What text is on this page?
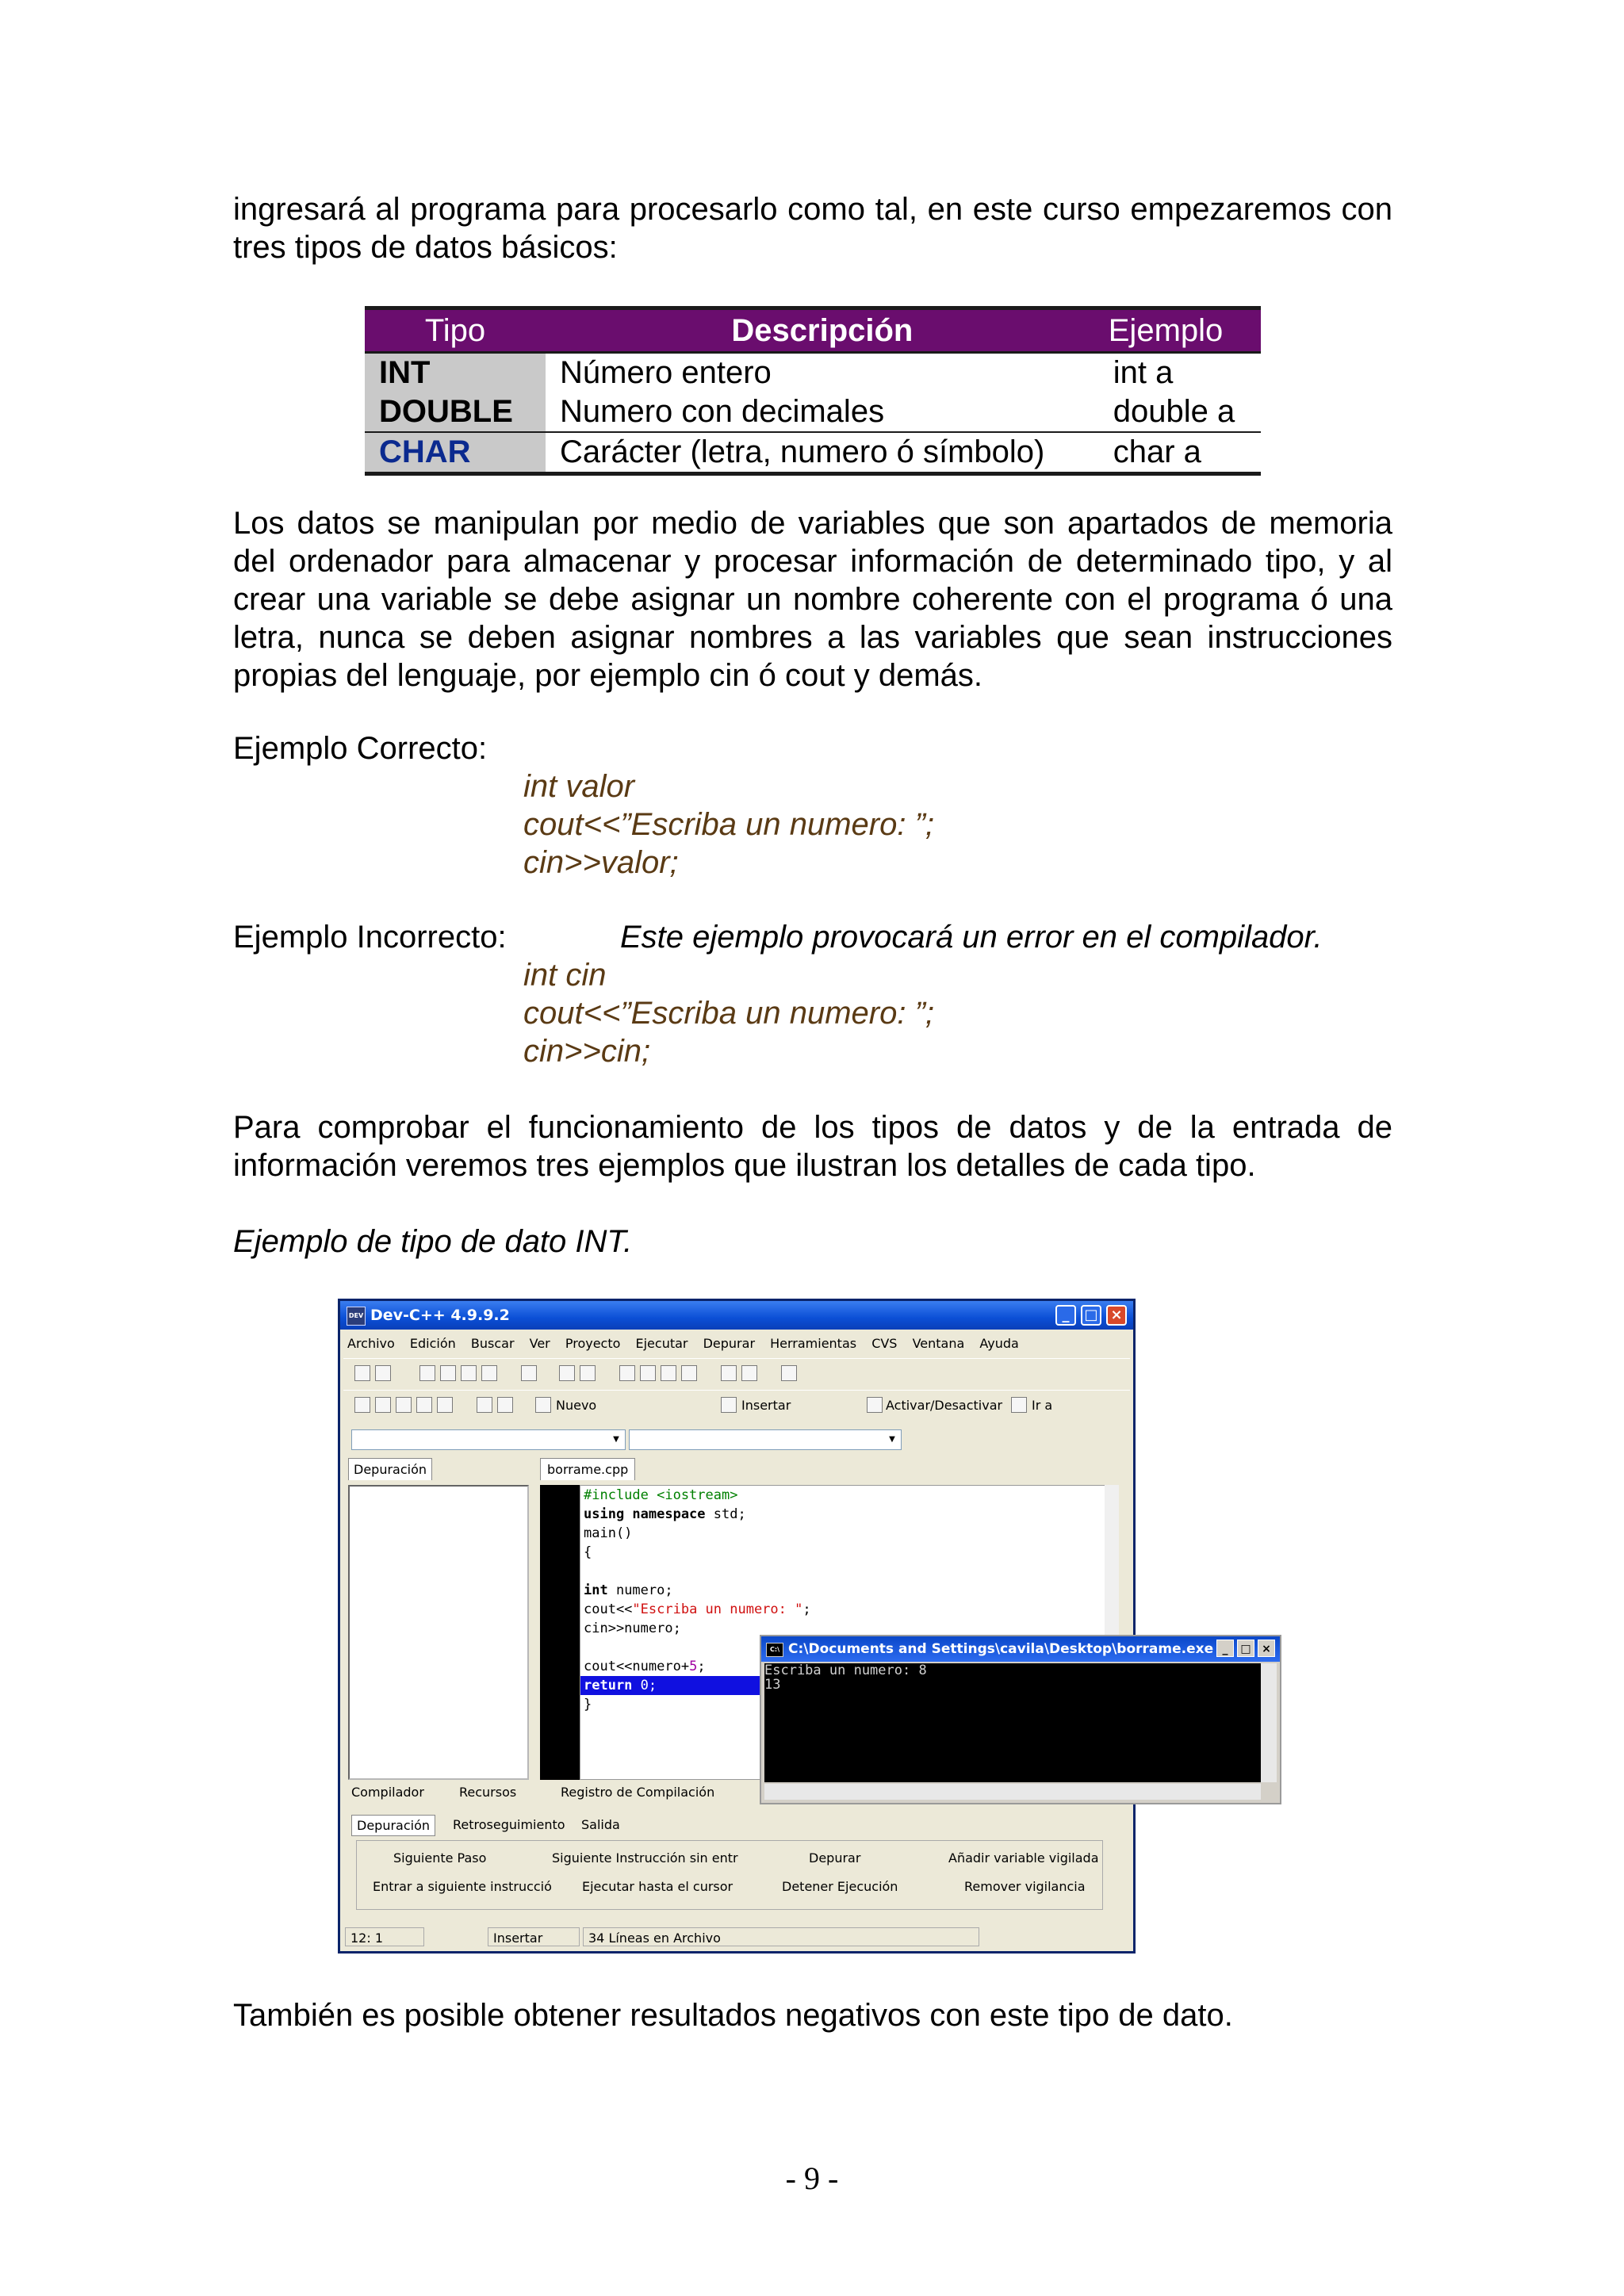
ingresará al programa para procesarlo como tal, en este curso empezaremos con tres tipos de datos básicos:
Tipo	Descripción	Ejemplo
INT	Número entero	int a
DOUBLE	Numero con decimales	double a
CHAR	Carácter (letra, numero ó símbolo)	char a
Los datos se manipulan por medio de variables que son apartados de memoria del ordenador para almacenar y procesar información de determinado tipo, y al crear una variable se debe asignar un nombre coherente con el programa ó una letra, nunca se deben asignar nombres a las variables que sean instrucciones propias del lenguaje, por ejemplo cin ó cout y demás.
Ejemplo Correcto:
int valor
cout<<”Escriba un numero: ”;
cin>>valor;
Ejemplo Incorrecto:	Este ejemplo provocará un error en el compilador.
int cin
cout<<”Escriba un numero: ”;
cin>>cin;
Para comprobar el funcionamiento de los tipos de datos y de la entrada de información veremos tres ejemplos que ilustran los detalles de cada tipo.
Ejemplo de tipo de dato INT.
DEV Dev-C++ 4.9.9.2	_	□ ×
Archivo Edición Buscar Ver Proyecto Ejecutar Depurar Herramientas CVS Ventana Ayuda
Nuevo	Insertar	Activar/Desactivar Ir a
▼	▼
Depuración	borrame.cpp
#include <iostream>
using namespace std;
main()
{
int numero;
cout<<"Escriba un numero: ";
cin>>numero;
cout<<numero+5;
return 0;
}
Compilador	Recursos	Registro de Compilación
Depuración	Retroseguimiento	Salida
Siguiente Paso	Siguiente Instrucción sin entr	Depurar	Añadir variable vigilada
Entrar a siguiente instrucció Ejecutar hasta el cursor	Detener Ejecución	Remover vigilancia
12: 1	Insertar	34 Líneas en Archivo
C:\ C:\Documents and Settings\cavila\Desktop\borrame.exe _	□ ×
Escriba un numero: 8
13
También es posible obtener resultados negativos con este tipo de dato.
- 9 -
